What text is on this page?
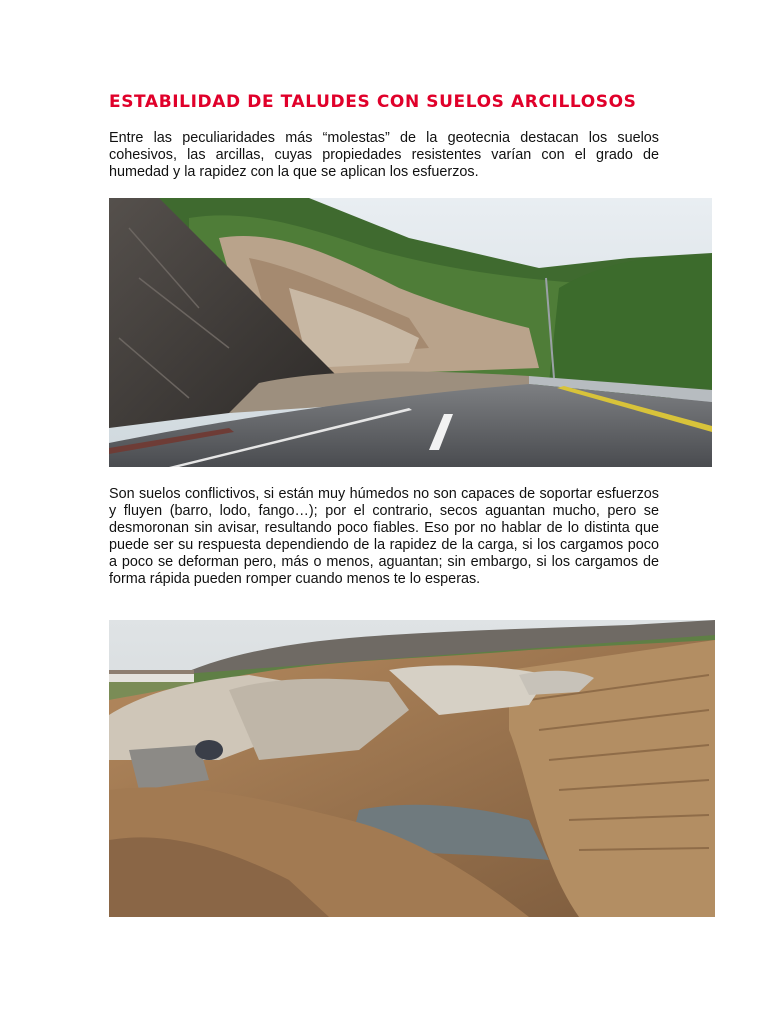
ESTABILIDAD DE TALUDES CON SUELOS ARCILLOSOS

Entre las peculiaridades más “molestas” de la geotecnia destacan los suelos cohesivos, las arcillas, cuyas propiedades resistentes varían con el grado de humedad y la rapidez con la que se aplican los esfuerzos.

Son suelos conflictivos, si están muy húmedos no son capaces de soportar esfuerzos y fluyen (barro, lodo, fango…); por el contrario, secos aguantan mucho, pero se desmoronan sin avisar, resultando poco fiables. Eso por no hablar de lo distinta que puede ser su respuesta dependiendo de la rapidez de la carga, si los cargamos poco a poco se deforman pero, más o menos, aguantan; sin embargo, si los cargamos de forma rápida pueden romper cuando menos te lo esperas.
